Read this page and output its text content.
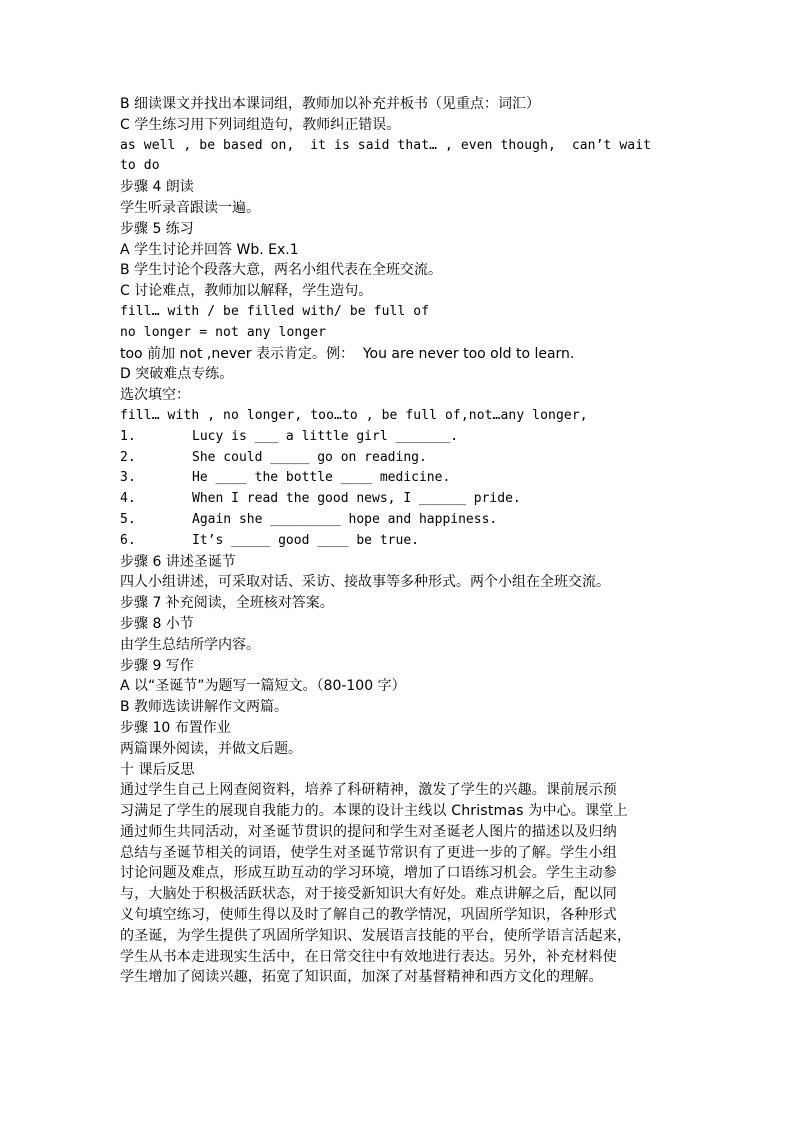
B 细读课文并找出本课词组，教师加以补充并板书（见重点：词汇）
C 学生练习用下列词组造句，教师纠正错误。
as well , be based on,  it is said that… , even though,  can’t wait
to do
步骤 4 朗读
学生听录音跟读一遍。
步骤 5 练习
A 学生讨论并回答 Wb. Ex.1
B 学生讨论个段落大意，两名小组代表在全班交流。
C 讨论难点，教师加以解释，学生造句。
fill… with / be filled with/ be full of
no longer = not any longer
too 前加 not ,never 表示肯定。例：  You are never too old to learn.
D 突破难点专练。
选次填空：
fill… with , no longer, too…to , be full of,not…any longer,
1.	Lucy is ___ a little girl _______.
2.	She could _____ go on reading.
3.	He ____ the bottle ____ medicine.
4.	When I read the good news, I ______ pride.
5.	Again she _________ hope and happiness.
6.	It’s _____ good ____ be true.
步骤 6 讲述圣诞节
四人小组讲述，可采取对话、采访、接故事等多种形式。两个小组在全班交流。
步骤 7 补充阅读，全班核对答案。
步骤 8 小节
由学生总结所学内容。
步骤 9 写作
A 以“圣诞节”为题写一篇短文。（80-100 字）
B 教师选读讲解作文两篇。
步骤 10 布置作业
两篇课外阅读，并做文后题。
十 课后反思
通过学生自己上网查阅资料，培养了科研精神，激发了学生的兴趣。课前展示预
习满足了学生的展现自我能力的。本课的设计主线以 Christmas 为中心。课堂上
通过师生共同活动，对圣诞节贯识的提问和学生对圣诞老人图片的描述以及归纳
总结与圣诞节相关的词语，使学生对圣诞节常识有了更进一步的了解。学生小组
讨论问题及难点，形成互助互动的学习环境，增加了口语练习机会。学生主动参
与，大脑处于积极活跃状态，对于接受新知识大有好处。难点讲解之后，配以同
义句填空练习，使师生得以及时了解自己的教学情况，巩固所学知识，各种形式
的圣诞，为学生提供了巩固所学知识、发展语言技能的平台，使所学语言活起来，
学生从书本走进现实生活中，在日常交往中有效地进行表达。另外，补充材料使
学生增加了阅读兴趣，拓宽了知识面，加深了对基督精神和西方文化的理解。
